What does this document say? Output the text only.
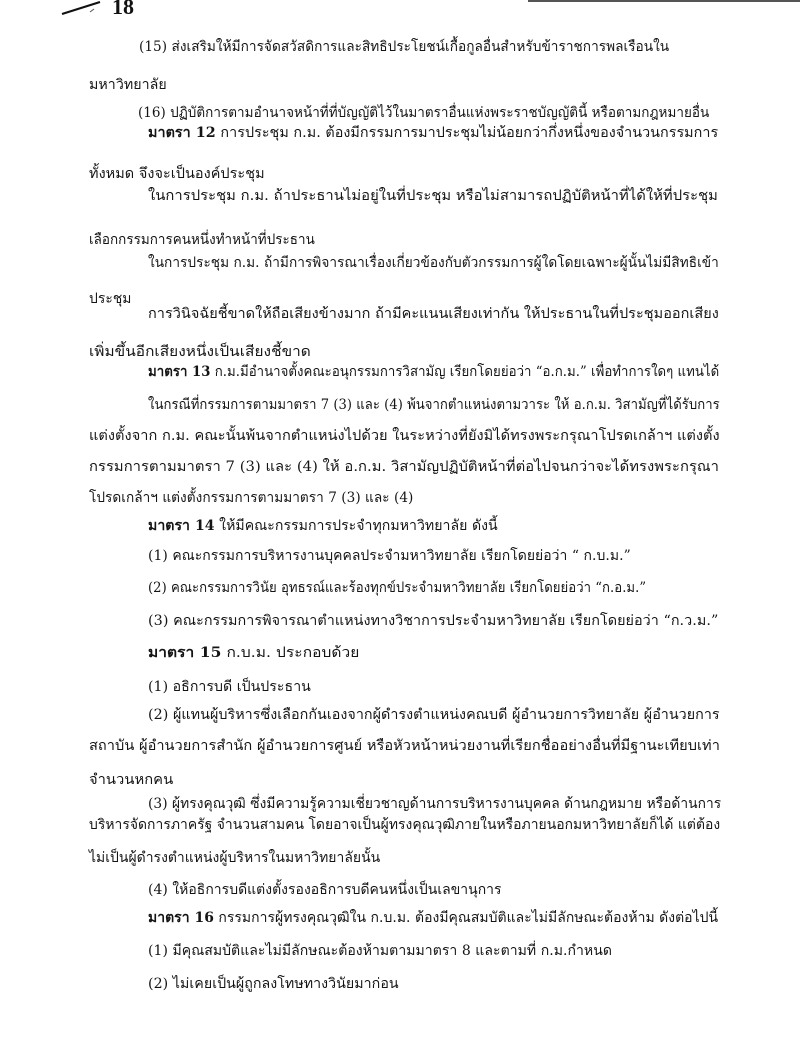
18
(15) ส่งเสริมให้มีการจัดสวัสดิการและสิทธิประโยชน์เกื้อกูลอื่นสำหรับข้าราชการพลเรือนใน
มหาวิทยาลัย
(16) ปฏิบัติการตามอำนาจหน้าที่ที่บัญญัติไว้ในมาตราอื่นแห่งพระราชบัญญัตินี้ หรือตามกฎหมายอื่น
มาตรา 12 การประชุม ก.ม. ต้องมีกรรมการมาประชุมไม่น้อยกว่ากึ่งหนึ่งของจำนวนกรรมการ
ทั้งหมด จึงจะเป็นองค์ประชุม
ในการประชุม ก.ม. ถ้าประธานไม่อยู่ในที่ประชุม หรือไม่สามารถปฏิบัติหน้าที่ได้ให้ที่ประชุม
เลือกกรรมการคนหนึ่งทำหน้าที่ประธาน
ในการประชุม ก.ม. ถ้ามีการพิจารณาเรื่องเกี่ยวข้องกับตัวกรรมการผู้ใดโดยเฉพาะผู้นั้นไม่มีสิทธิเข้า
ประชุม
การวินิจฉัยชี้ขาดให้ถือเสียงข้างมาก ถ้ามีคะแนนเสียงเท่ากัน ให้ประธานในที่ประชุมออกเสียง
เพิ่มขึ้นอีกเสียงหนึ่งเป็นเสียงชี้ขาด
มาตรา 13 ก.ม.มีอำนาจตั้งคณะอนุกรรมการวิสามัญ เรียกโดยย่อว่า “อ.ก.ม.” เพื่อทำการใดๆ แทนได้
ในกรณีที่กรรมการตามมาตรา 7 (3) และ (4) พ้นจากตำแหน่งตามวาระ ให้ อ.ก.ม. วิสามัญที่ได้รับการ
แต่งตั้งจาก ก.ม. คณะนั้นพ้นจากตำแหน่งไปด้วย ในระหว่างที่ยังมิได้ทรงพระกรุณาโปรดเกล้าฯ แต่งตั้ง
กรรมการตามมาตรา 7 (3) และ (4) ให้ อ.ก.ม. วิสามัญปฏิบัติหน้าที่ต่อไปจนกว่าจะได้ทรงพระกรุณา
โปรดเกล้าฯ แต่งตั้งกรรมการตามมาตรา 7 (3) และ (4)
มาตรา 14 ให้มีคณะกรรมการประจำทุกมหาวิทยาลัย ดังนี้
(1) คณะกรรมการบริหารงานบุคคลประจำมหาวิทยาลัย เรียกโดยย่อว่า “ ก.บ.ม.”
(2) คณะกรรมการวินัย อุทธรณ์และร้องทุกข์ประจำมหาวิทยาลัย เรียกโดยย่อว่า “ก.อ.ม.”
(3) คณะกรรมการพิจารณาตำแหน่งทางวิชาการประจำมหาวิทยาลัย เรียกโดยย่อว่า “ก.ว.ม.”
มาตรา 15 ก.บ.ม. ประกอบด้วย
(1) อธิการบดี เป็นประธาน
(2) ผู้แทนผู้บริหารซึ่งเลือกกันเองจากผู้ดำรงตำแหน่งคณบดี ผู้อำนวยการวิทยาลัย ผู้อำนวยการ
สถาบัน ผู้อำนวยการสำนัก ผู้อำนวยการศูนย์ หรือหัวหน้าหน่วยงานที่เรียกชื่ออย่างอื่นที่มีฐานะเทียบเท่า
จำนวนหกคน
(3) ผู้ทรงคุณวุฒิ ซึ่งมีความรู้ความเชี่ยวชาญด้านการบริหารงานบุคคล ด้านกฎหมาย หรือด้านการ
บริหารจัดการภาครัฐ จำนวนสามคน โดยอาจเป็นผู้ทรงคุณวุฒิภายในหรือภายนอกมหาวิทยาลัยก็ได้ แต่ต้อง
ไม่เป็นผู้ดำรงตำแหน่งผู้บริหารในมหาวิทยาลัยนั้น
(4) ให้อธิการบดีแต่งตั้งรองอธิการบดีคนหนึ่งเป็นเลขานุการ
มาตรา 16 กรรมการผู้ทรงคุณวุฒิใน ก.บ.ม. ต้องมีคุณสมบัติและไม่มีลักษณะต้องห้าม ดังต่อไปนี้
(1) มีคุณสมบัติและไม่มีลักษณะต้องห้ามตามมาตรา 8 และตามที่ ก.ม.กำหนด
(2) ไม่เคยเป็นผู้ถูกลงโทษทางวินัยมาก่อน
